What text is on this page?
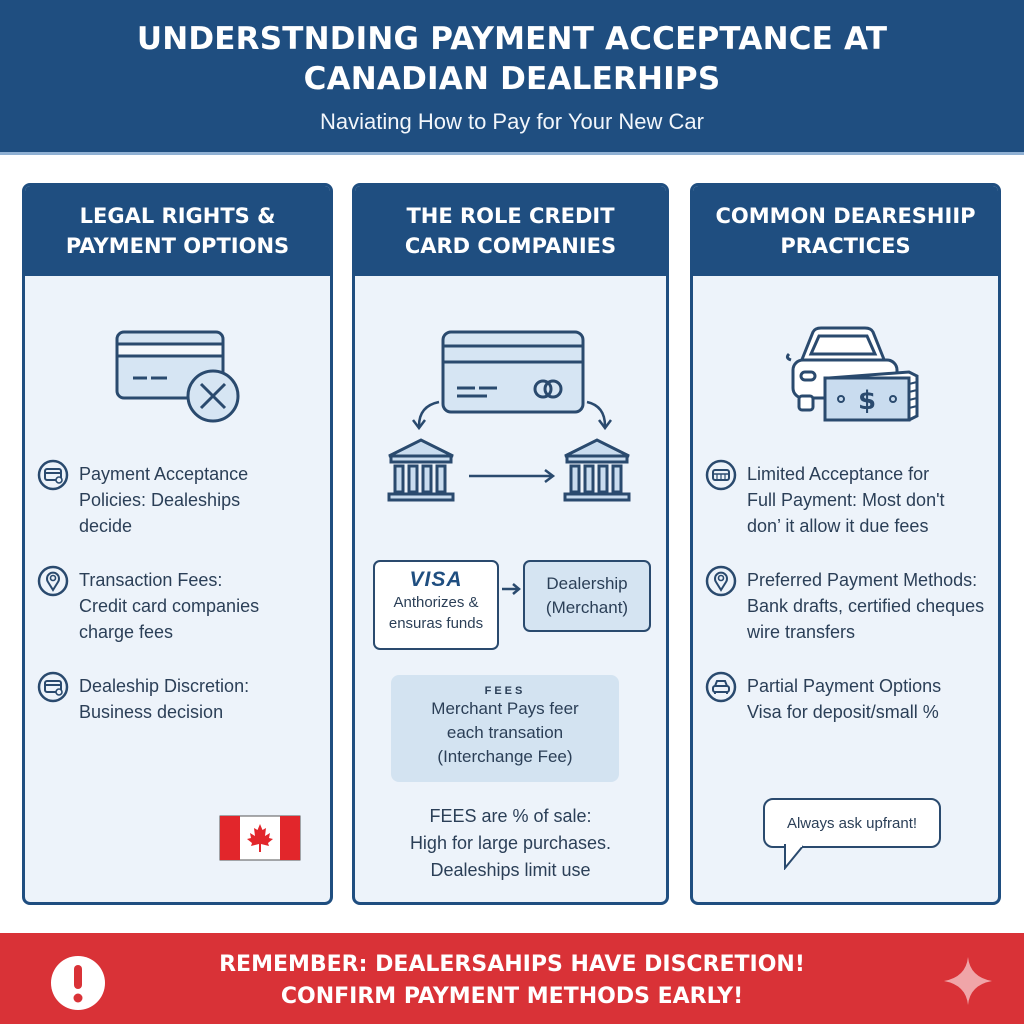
UNDERSTNDING PAYMENT ACCEPTANCE AT
CANADIAN DEALERHIPS
Naviating How to Pay for Your New Car
LEGAL RIGHTS &
PAYMENT OPTIONS
Payment Acceptance
Policies: Dealeships
decide
Transaction Fees:
Credit card companies
charge fees
Dealeship Discretion:
Business decision
THE ROLE CREDIT
CARD COMPANIES
VISA
Anthorizes &
ensuras funds
Dealership
(Merchant)
FEES
Merchant Pays feer
each transation
(Interchange Fee)
FEES are % of sale:
High for large purchases.
Dealeships limit use
COMMON DEARESHIIP
PRACTICES
$
Limited Acceptance for
Full Payment: Most don't
don’ it allow it due fees
Preferred Payment Methods:
Bank drafts, certified cheques
wire transfers
Partial Payment Options
Visa for deposit/small %
Always ask upfrant!
REMEMBER: DEALERSAHIPS HAVE DISCRETION!
CONFIRM PAYMENT METHODS EARLY!
